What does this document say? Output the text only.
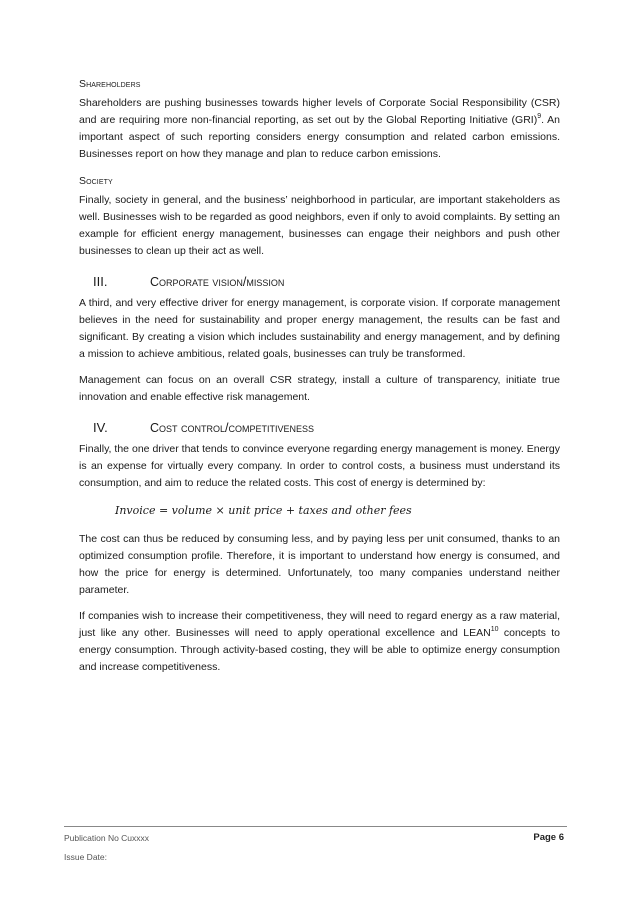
Shareholders

Shareholders are pushing businesses towards higher levels of Corporate Social Responsibility (CSR) and are requiring more non-financial reporting, as set out by the Global Reporting Initiative (GRI)$^9$. An important aspect of such reporting considers energy consumption and related carbon emissions. Businesses report on how they manage and plan to reduce carbon emissions.

Society

Finally, society in general, and the business’ neighborhood in particular, are important stakeholders as well. Businesses wish to be regarded as good neighbors, even if only to avoid complaints. By setting an example for efficient energy management, businesses can engage their neighbors and push other businesses to clean up their act as well.

III.	Corporate vision/mission

A third, and very effective driver for energy management, is corporate vision. If corporate management believes in the need for sustainability and proper energy management, the results can be fast and significant. By creating a vision which includes sustainability and energy management, and by defining a mission to achieve ambitious, related goals, businesses can truly be transformed.

Management can focus on an overall CSR strategy, install a culture of transparency, initiate true innovation and enable effective risk management.

IV.	Cost control/competitiveness

Finally, the one driver that tends to convince everyone regarding energy management is money. Energy is an expense for virtually every company. In order to control costs, a business must understand its consumption, and aim to reduce the related costs. This cost of energy is determined by:

Invoice = volume × unit price + taxes and other fees

The cost can thus be reduced by consuming less, and by paying less per unit consumed, thanks to an optimized consumption profile. Therefore, it is important to understand how energy is consumed, and how the price for energy is determined. Unfortunately, too many companies understand neither parameter.

If companies wish to increase their competitiveness, they will need to regard energy as a raw material, just like any other. Businesses will need to apply operational excellence and LEAN$^{10}$ concepts to energy consumption. Through activity-based costing, they will be able to optimize energy consumption and increase competitiveness.

Publication No Cuxxxx
Issue Date:
Page 6
